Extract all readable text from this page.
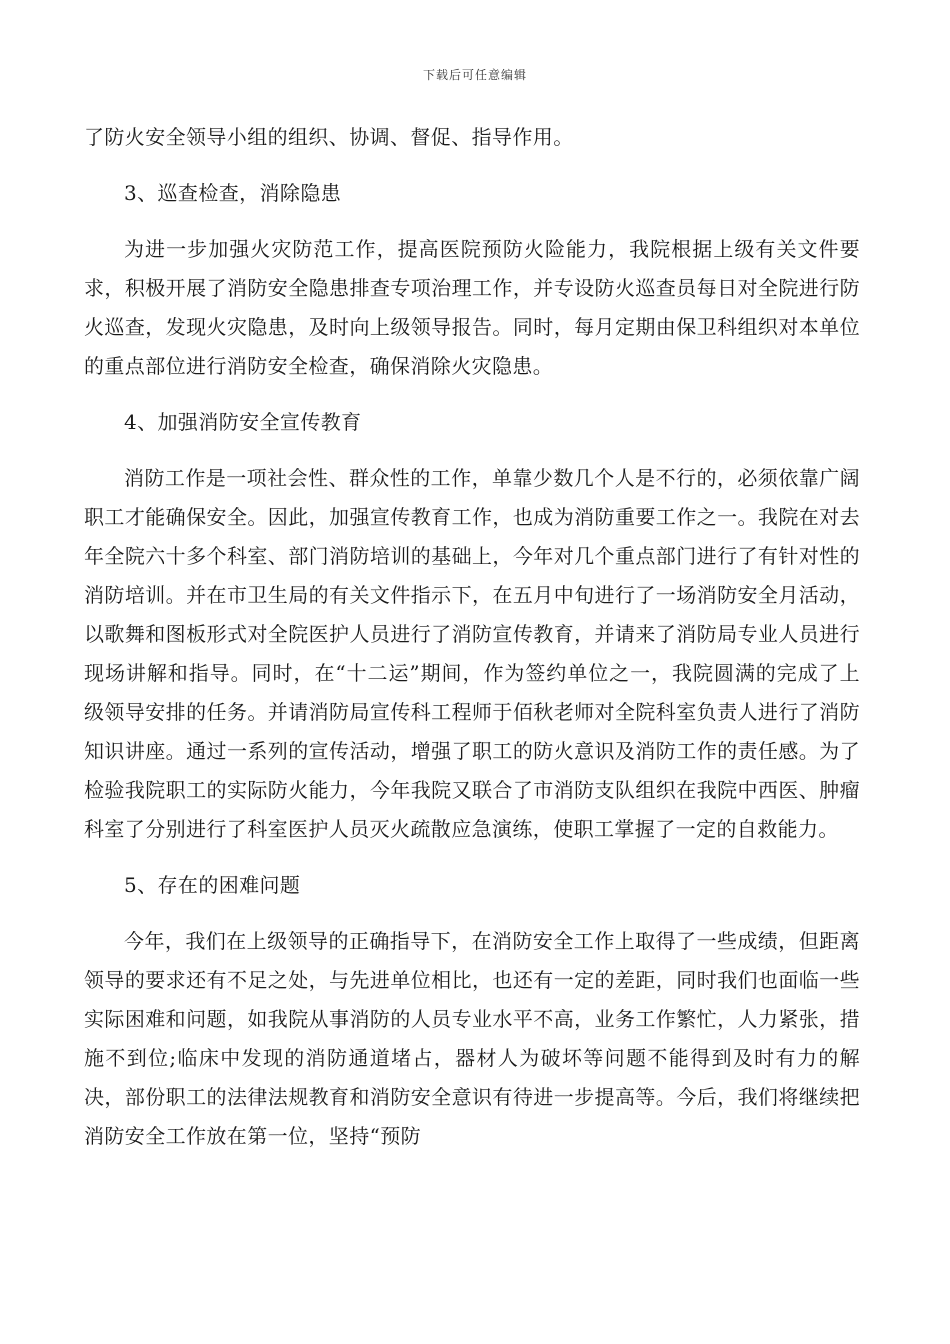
下载后可任意编辑

了防火安全领导小组的组织、协调、督促、指导作用。

3、巡查检查，消除隐患

为进一步加强火灾防范工作，提高医院预防火险能力，我院根据上级有关文件要求，积极开展了消防安全隐患排查专项治理工作，并专设防火巡查员每日对全院进行防火巡查，发现火灾隐患，及时向上级领导报告。同时，每月定期由保卫科组织对本单位的重点部位进行消防安全检查，确保消除火灾隐患。

4、加强消防安全宣传教育

消防工作是一项社会性、群众性的工作，单靠少数几个人是不行的，必须依靠广阔职工才能确保安全。因此，加强宣传教育工作，也成为消防重要工作之一。我院在对去年全院六十多个科室、部门消防培训的基础上，今年对几个重点部门进行了有针对性的消防培训。并在市卫生局的有关文件指示下，在五月中旬进行了一场消防安全月活动，以歌舞和图板形式对全院医护人员进行了消防宣传教育，并请来了消防局专业人员进行现场讲解和指导。同时，在“十二运”期间，作为签约单位之一，我院圆满的完成了上级领导安排的任务。并请消防局宣传科工程师于佰秋老师对全院科室负责人进行了消防知识讲座。通过一系列的宣传活动，增强了职工的防火意识及消防工作的责任感。为了检验我院职工的实际防火能力，今年我院又联合了市消防支队组织在我院中西医、肿瘤科室了分别进行了科室医护人员灭火疏散应急演练，使职工掌握了一定的自救能力。

5、存在的困难问题

今年，我们在上级领导的正确指导下，在消防安全工作上取得了一些成绩，但距离领导的要求还有不足之处，与先进单位相比，也还有一定的差距，同时我们也面临一些实际困难和问题，如我院从事消防的人员专业水平不高，业务工作繁忙，人力紧张，措施不到位;临床中发现的消防通道堵占，器材人为破坏等问题不能得到及时有力的解决，部份职工的法律法规教育和消防安全意识有待进一步提高等。今后，我们将继续把消防安全工作放在第一位，坚持“预防
